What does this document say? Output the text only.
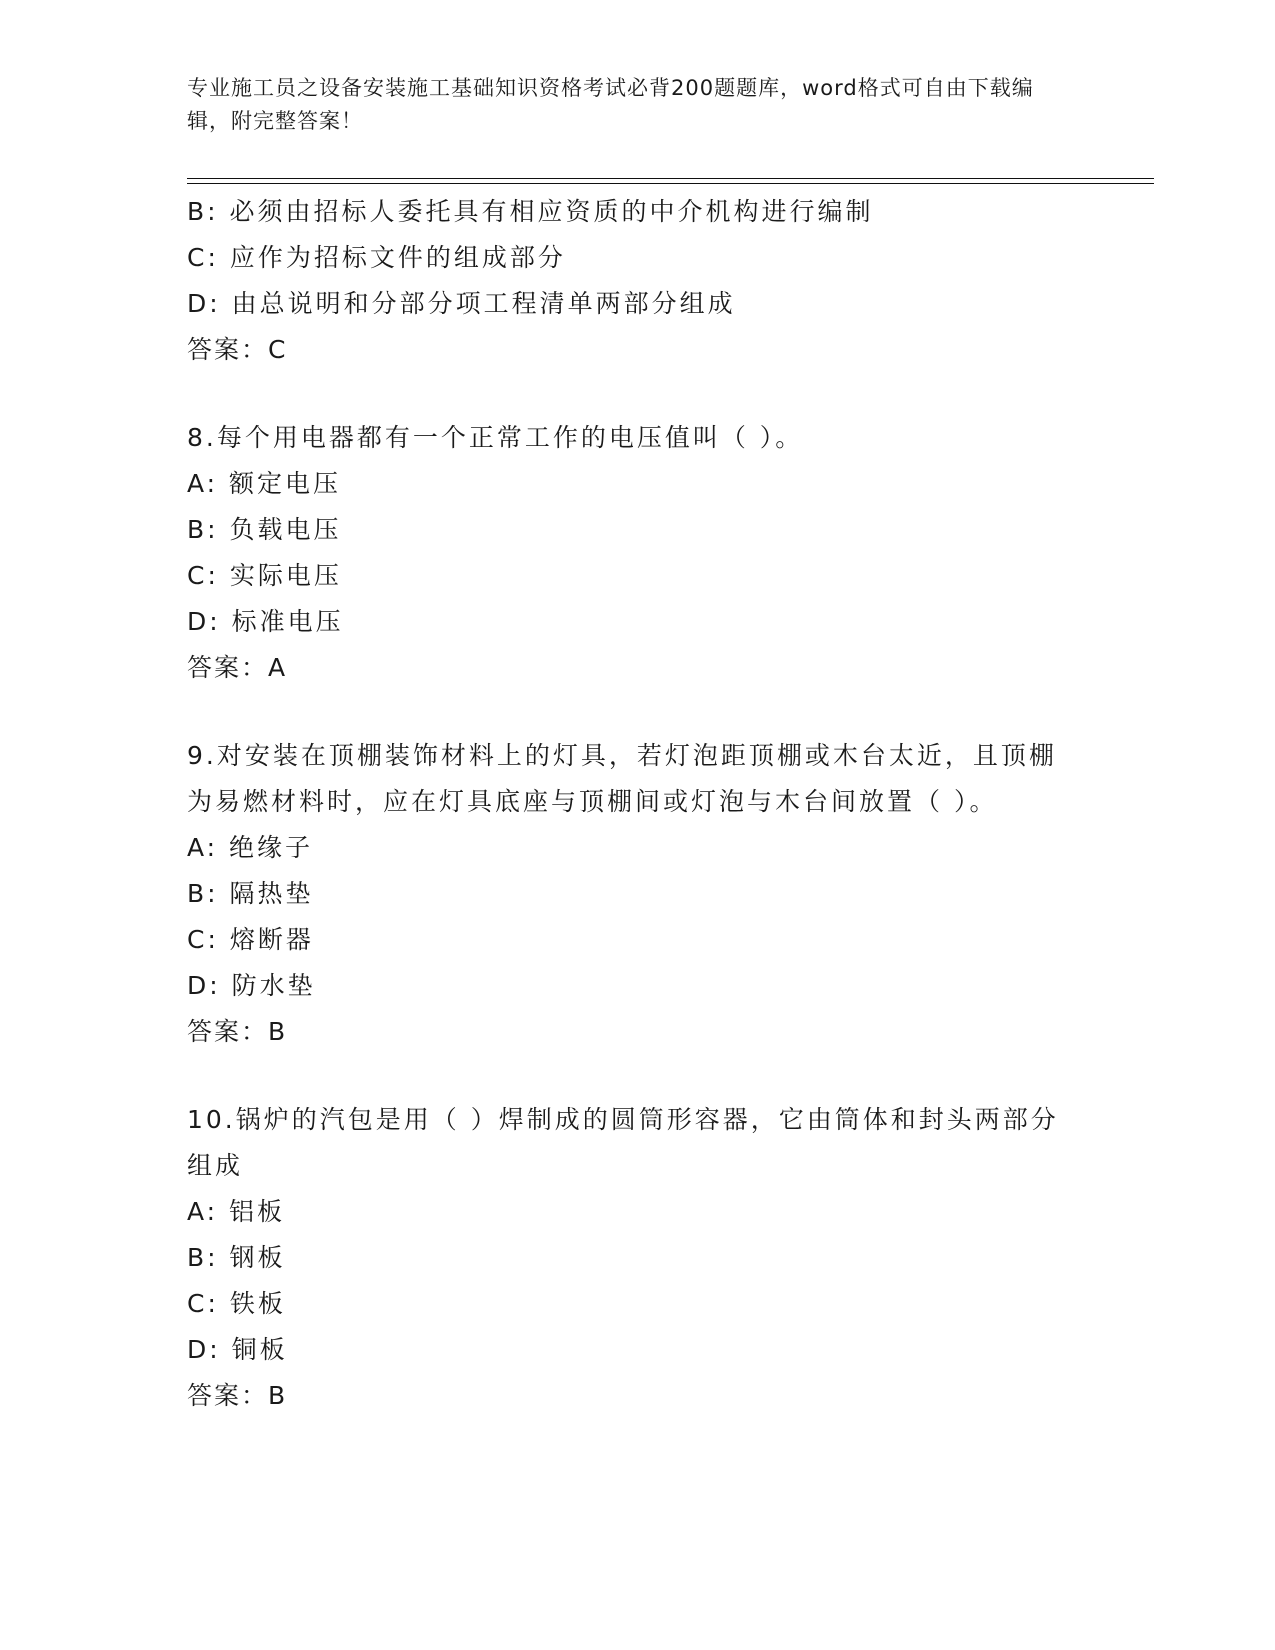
专业施工员之设备安装施工基础知识资格考试必背200题题库，word格式可自由下载编辑，附完整答案！
B: 必须由招标人委托具有相应资质的中介机构进行编制
C: 应作为招标文件的组成部分
D: 由总说明和分部分项工程清单两部分组成
答案：C
8.每个用电器都有一个正常工作的电压值叫（ ）。
A: 额定电压
B: 负载电压
C: 实际电压
D: 标准电压
答案：A
9.对安装在顶棚装饰材料上的灯具，若灯泡距顶棚或木台太近，且顶棚为易燃材料时，应在灯具底座与顶棚间或灯泡与木台间放置（ ）。
A: 绝缘子
B: 隔热垫
C: 熔断器
D: 防水垫
答案：B
10.锅炉的汽包是用（ ）焊制成的圆筒形容器，它由筒体和封头两部分组成
A: 铝板
B: 钢板
C: 铁板
D: 铜板
答案：B
